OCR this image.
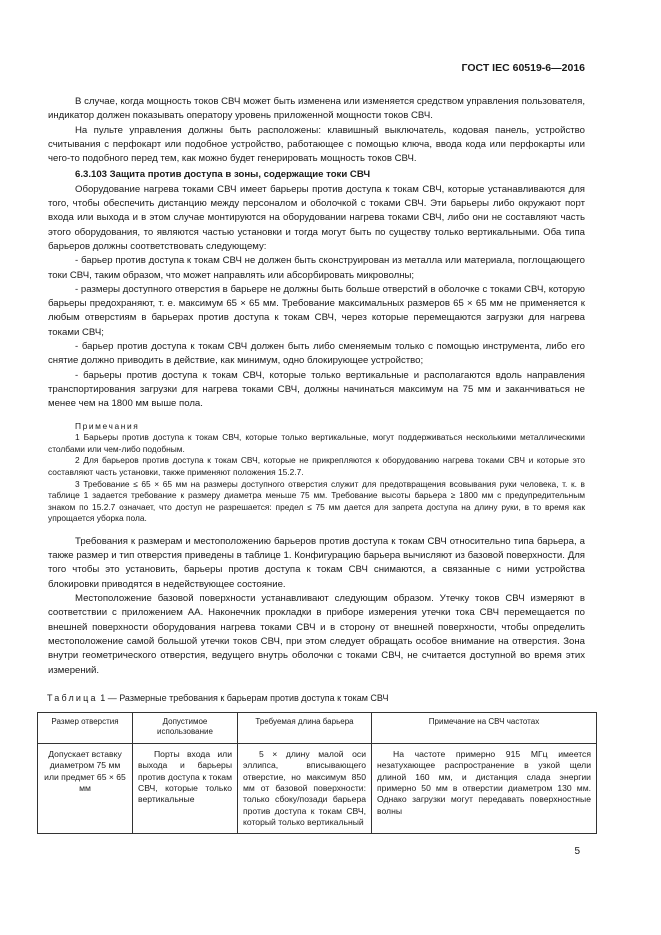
ГОСТ IEC 60519-6—2016

В случае, когда мощность токов СВЧ может быть изменена или изменяется средством управления пользователя, индикатор должен показывать оператору уровень приложенной мощности токов СВЧ.

На пульте управления должны быть расположены: клавишный выключатель, кодовая панель, устройство считывания с перфокарт или подобное устройство, работающее с помощью ключа, ввода кода или перфокарты или чего-то подобного перед тем, как можно будет генерировать мощность токов СВЧ.

6.3.103 Защита против доступа в зоны, содержащие токи СВЧ

Оборудование нагрева токами СВЧ имеет барьеры против доступа к токам СВЧ, которые устанавливаются для того, чтобы обеспечить дистанцию между персоналом и оболочкой с токами СВЧ. Эти барьеры либо окружают порт входа или выхода и в этом случае монтируются на оборудовании нагрева токами СВЧ, либо они не составляют часть этого оборудования, то являются частью установки и тогда могут быть по существу только вертикальными. Оба типа барьеров должны соответствовать следующему:

- барьер против доступа к токам СВЧ не должен быть сконструирован из металла или материала, поглощающего токи СВЧ, таким образом, что может направлять или абсорбировать микроволны;

- размеры доступного отверстия в барьере не должны быть больше отверстий в оболочке с токами СВЧ, которую барьеры предохраняют, т. е. максимум 65 × 65 мм. Требование максимальных размеров 65 × 65 мм не применяется к любым отверстиям в барьерах против доступа к токам СВЧ, через которые перемещаются загрузки для нагрева токами СВЧ;

- барьер против доступа к токам СВЧ должен быть либо сменяемым только с помощью инструмента, либо его снятие должно приводить в действие, как минимум, одно блокирующее устройство;

- барьеры против доступа к токам СВЧ, которые только вертикальные и располагаются вдоль направления транспортирования загрузки для нагрева токами СВЧ, должны начинаться максимум на 75 мм и заканчиваться не менее чем на 1800 мм выше пола.

Примечания

1 Барьеры против доступа к токам СВЧ, которые только вертикальные, могут поддерживаться несколькими металлическими столбами или чем-либо подобным.

2 Для барьеров против доступа к токам СВЧ, которые не прикрепляются к оборудованию нагрева токами СВЧ и которые это составляют часть установки, также применяют положения 15.2.7.

3 Требование ≤ 65 × 65 мм на размеры доступного отверстия служит для предотвращения всовывания руки человека, т. к. в таблице 1 задается требование к размеру диаметра меньше 75 мм. Требование высоты барьера ≥ 1800 мм с предупредительным знаком по 15.2.7 означает, что доступ не разрешается: предел ≤ 75 мм дается для запрета доступа на длину руки, в то время как упрощается уборка пола.

Требования к размерам и местоположению барьеров против доступа к токам СВЧ относительно типа барьера, а также размер и тип отверстия приведены в таблице 1. Конфигурацию барьера вычисляют из базовой поверхности. Для того чтобы это установить, барьеры против доступа к токам СВЧ снимаются, а связанные с ними устройства блокировки приводятся в недействующее состояние.

Местоположение базовой поверхности устанавливают следующим образом. Утечку токов СВЧ измеряют в соответствии с приложением АА. Наконечник прокладки в приборе измерения утечки тока СВЧ перемещается по внешней поверхности оборудования нагрева токами СВЧ и в сторону от внешней поверхности, чтобы определить местоположение самой большой утечки токов СВЧ, при этом следует обращать особое внимание на отверстия. Зона внутри геометрического отверстия, ведущего внутрь оболочки с токами СВЧ, не считается доступной во время этих измерений.

Таблица 1 — Размерные требования к барьерам против доступа к токам СВЧ
Размер отверстия	Допустимое использование	Требуемая длина барьера	Примечание на СВЧ частотах
Допускает вставку диаметром 75 мм или предмет 65 × 65 мм	Порты входа или выхода и барьеры против доступа к токам СВЧ, которые только вертикальные	5 × длину малой оси эллипса, вписывающего отверстие, но максимум 850 мм от базовой поверхности: только сбоку/позади барьера против доступа к токам СВЧ, который только вертикальный	На частоте примерно 915 МГц имеется незатухающее распространение в узкой щели длиной 160 мм, и дистанция слада энергии примерно 50 мм в отверстии диаметром 130 мм. Однако загрузки могут передавать поверхностные волны
5
